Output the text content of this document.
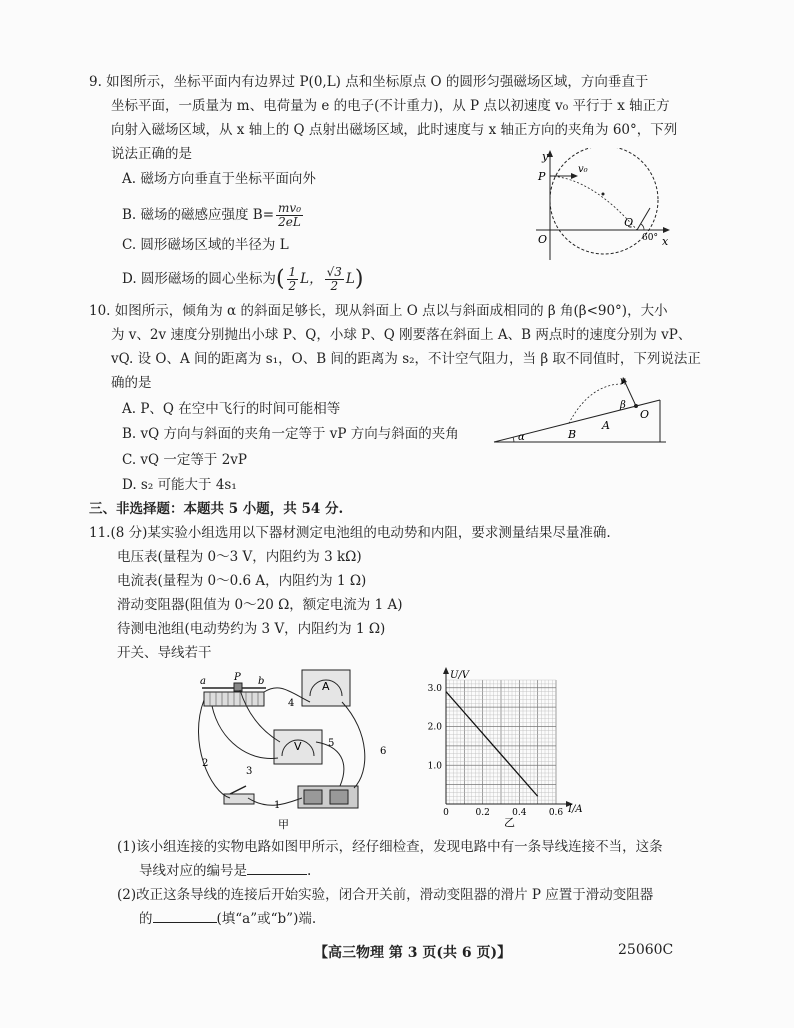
9. 如图所示，坐标平面内有边界过 P(0,L) 点和坐标原点 O 的圆形匀强磁场区域，方向垂直于
坐标平面，一质量为 m、电荷量为 e 的电子(不计重力)，从 P 点以初速度 v₀ 平行于 x 轴正方
向射入磁场区域，从 x 轴上的 Q 点射出磁场区域，此时速度与 x 轴正方向的夹角为 60°，下列
说法正确的是
A. 磁场方向垂直于坐标平面向外
B. 磁场的磁感应强度 $B= \frac{\text{mv₀}}{2eL}$
C. 圆形磁场区域的半径为 L
D. 圆形磁场的圆心坐标为( $\frac{1}{2}$ L， $\frac{√3}{2} L$)
y
x
P
O
Q
v₀
60°
10. 如图所示，倾角为 α 的斜面足够长，现从斜面上 O 点以与斜面成相同的 β 角(β<90°)，大小
为 v、2v 速度分别抛出小球 P、Q，小球 P、Q 刚要落在斜面上 A、B 两点时的速度分别为 vP、
vQ. 设 O、A 间的距离为 s₁，O、B 间的距离为 s₂，不计空气阻力，当 β 取不同值时，下列说法正
确的是
A. P、Q 在空中飞行的时间可能相等
B. vQ 方向与斜面的夹角一定等于 vP 方向与斜面的夹角
C. vQ 一定等于 2vP
D. s₂ 可能大于 4s₁
v
β
O
A
B
α
三、非选择题：本题共 5 小题，共 54 分.
11.(8 分)某实验小组选用以下器材测定电池组的电动势和内阻，要求测量结果尽量准确.
电压表(量程为 0～3 V，内阻约为 3 kΩ)
电流表(量程为 0～0.6 A，内阻约为 1 Ω)
滑动变阻器(阻值为 0～20 Ω，额定电流为 1 A)
待测电池组(电动势约为 3 V，内阻约为 1 Ω)
开关、导线若干
a	P b	A
V
1
2
3
4
5
6
甲
3.0
2.0
1.0
0	0.2 0.4 0.6
U/V
I/A
乙
(1)该小组连接的实物电路如图甲所示，经仔细检查，发现电路中有一条导线连接不当，这条
导线对应的编号是	.
(2)改正这条导线的连接后开始实验，闭合开关前，滑动变阻器的滑片 P 应置于滑动变阻器
的	(填“a”或“b”)端.
【高三物理 第 3 页(共 6 页)】	25060C
